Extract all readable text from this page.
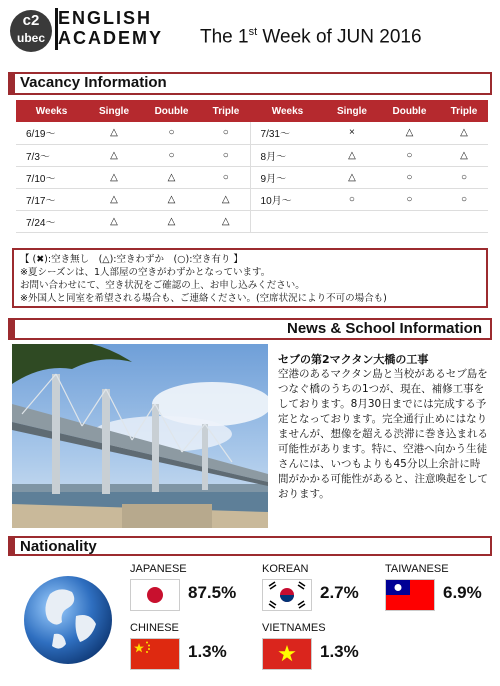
c2
ubec
ENGLISH
ACADEMY The 1st Week of JUN 2016
Vacancy Information
Weeks	Single	Double	Triple	Weeks	Single	Double	Triple
6/19～	△	○	○	7/31～	×	△	△
7/3～	△	○	○	8月～	△	○	△
7/10～	△	△	○	9月～	△	○	○
7/17～	△	△	△	10月～	○	○	○
7/24～	△	△	△				
【 (✖):空き無し　(△):空きわずか　(○):空き有り 】
※夏シーズンは、1人部屋の空きがわずかとなっています。
お問い合わせにて、空き状況をご確認の上、お申し込みください。
※外国人と同室を希望される場合も、ご連絡ください。(空席状況により不可の場合も)
News & School Information
セブの第2マクタン大橋の工事
空港のあるマクタン島と当校があるセブ島をつなぐ橋のうちの1つが、現在、補修工事をしております。8月30日までには完成する予定となっております。完全通行止めにはなりませんが、想像を超える渋滞に巻き込まれる可能性があります。特に、空港へ向かう生徒さんには、いつもよりも45分以上余計に時間がかかる可能性があると、注意喚起をしております。
Nationality
JAPANESE
87.5%
KOREAN
2.7%
TAIWANESE
6.9%
CHINESE
1.3%
VIETNAMES
1.3%
